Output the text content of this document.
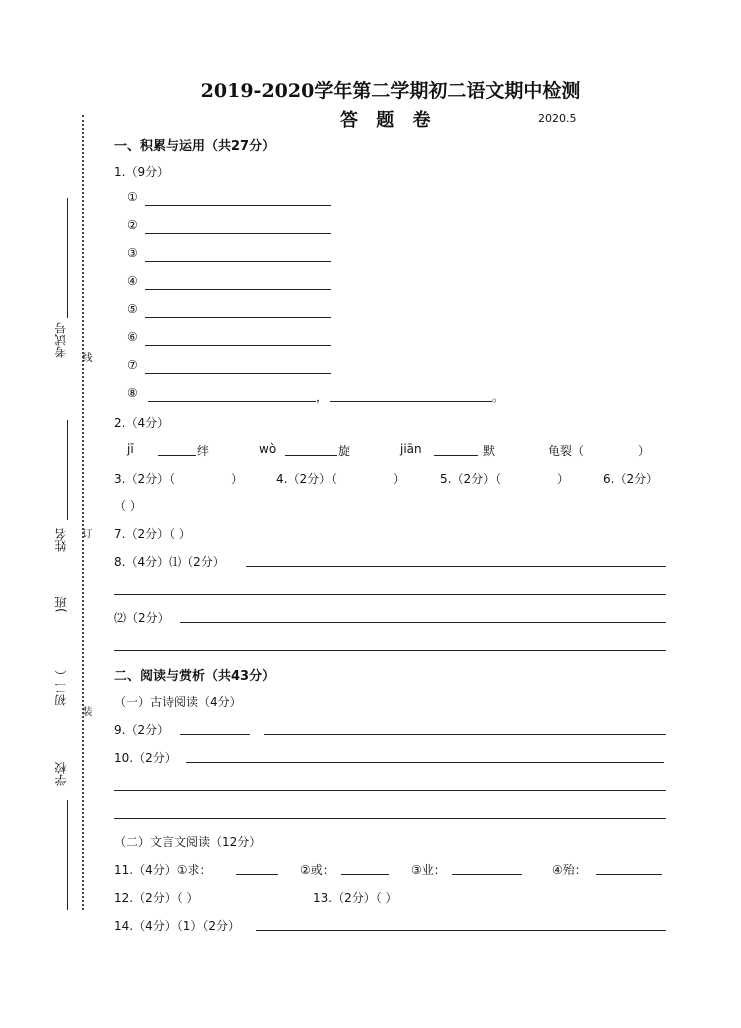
2019-2020学年第二学期初二语文期中检测
答 题 卷	2020.5
考试号 线
姓名 订
)班
初二（
装
学校
一、积累与运用（共27分）
1.（9分）
①
②
③
④
⑤
⑥
⑦
⑧	，	。
2.（4分）
jī	绊	wò	旋	jiān	默	龟裂（	）
3.（2分）（	）	4.（2分）（	）	5.（2分）（	）	6.（2分）
（ ）
7.（2分）（ ）
8.（4分）⑴（2分）
⑵（2分）
二、阅读与赏析（共43分）
（一）古诗阅读（4分）
9.（2分）
10.（2分）
（二）文言文阅读（12分）
11.（4分）①求：	②或：	③业：	④殆：
12.（2分）（ ）	13.（2分）（ ）
14.（4分）（1）（2分）
